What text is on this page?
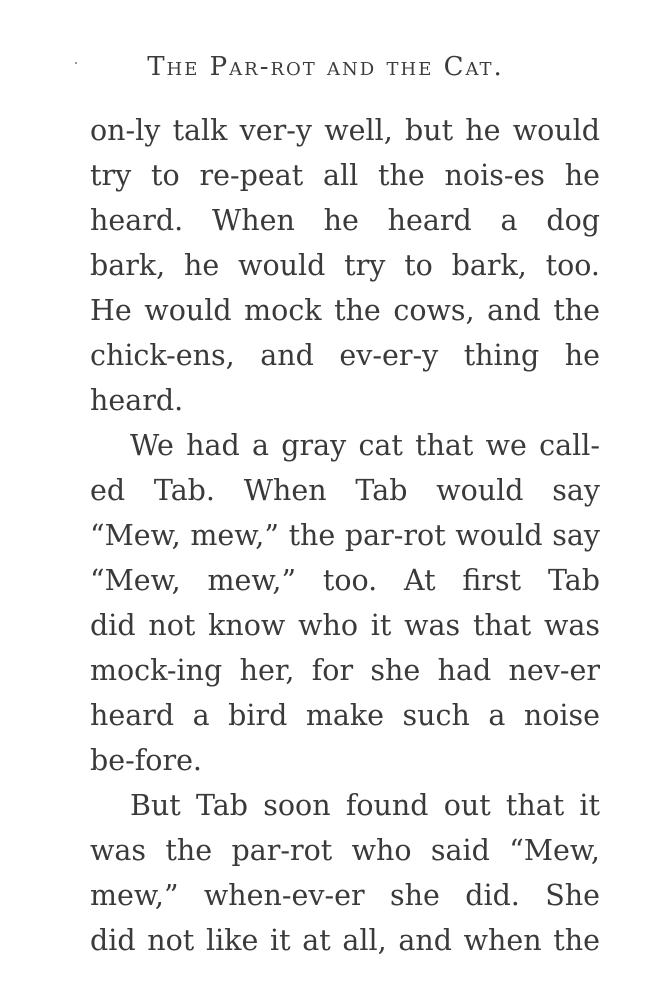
The Par-rot and the Cat.
on-ly talk ver-y well, but he would
try to re-peat all the nois-es he
heard. When he heard a dog
bark, he would try to bark, too.
He would mock the cows, and the
chick-ens, and ev-er-y thing he
heard.
We had a gray cat that we call-
ed Tab. When Tab would say
“Mew, mew,” the par-rot would say
“Mew, mew,” too. At first Tab
did not know who it was that was
mock-ing her, for she had nev-er
heard a bird make such a noise
be-fore.
But Tab soon found out that it
was the par-rot who said “Mew,
mew,” when-ev-er she did. She
did not like it at all, and when the
